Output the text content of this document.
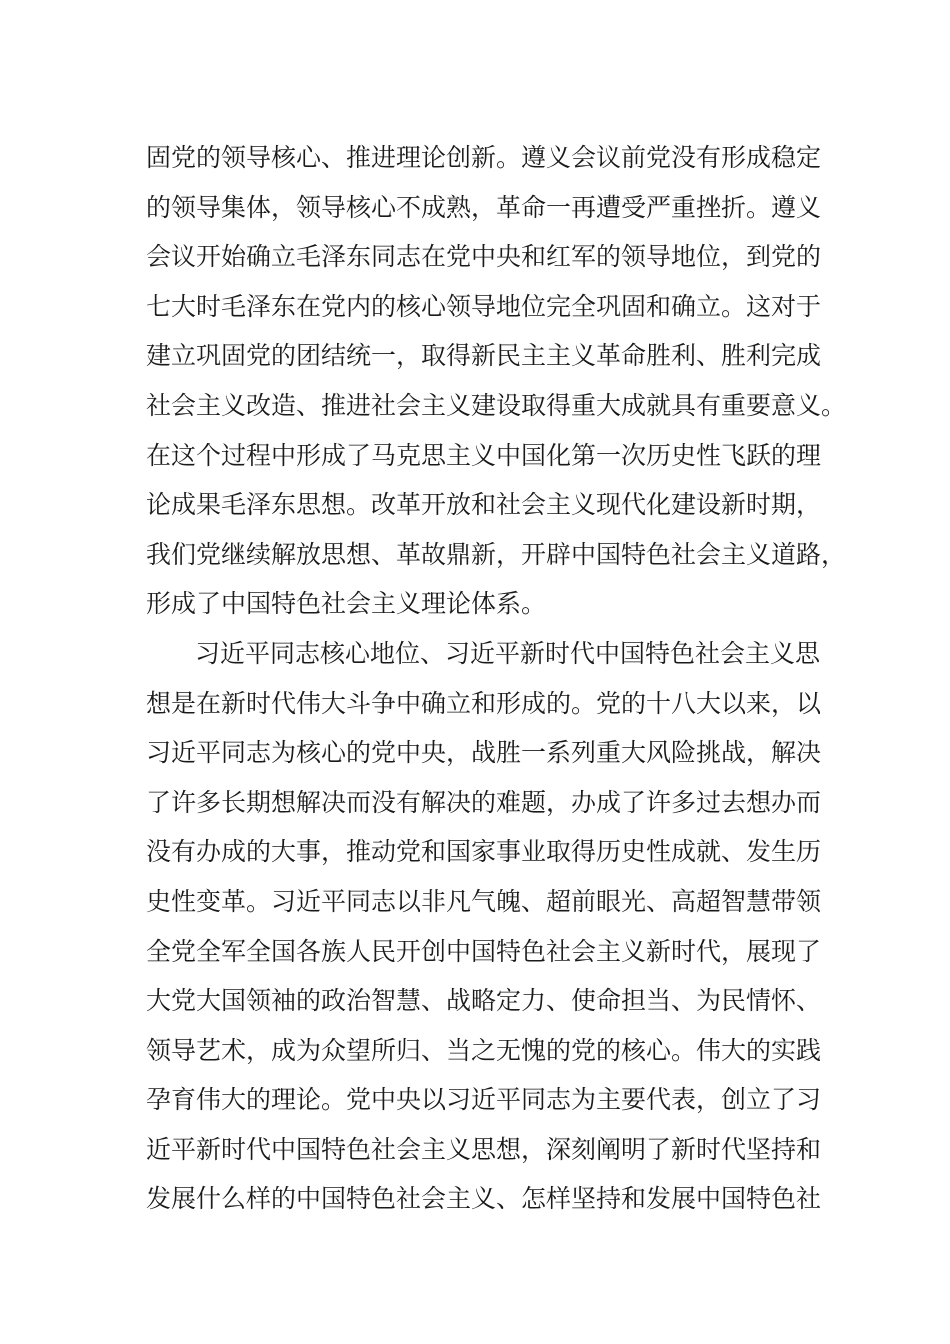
固党的领导核心、推进理论创新。遵义会议前党没有形成稳定
的领导集体，领导核心不成熟，革命一再遭受严重挫折。遵义
会议开始确立毛泽东同志在党中央和红军的领导地位，到党的
七大时毛泽东在党内的核心领导地位完全巩固和确立。这对于
建立巩固党的团结统一，取得新民主主义革命胜利、胜利完成
社会主义改造、推进社会主义建设取得重大成就具有重要意义。
在这个过程中形成了马克思主义中国化第一次历史性飞跃的理
论成果毛泽东思想。改革开放和社会主义现代化建设新时期，
我们党继续解放思想、革故鼎新，开辟中国特色社会主义道路，
形成了中国特色社会主义理论体系。
习近平同志核心地位、习近平新时代中国特色社会主义思
想是在新时代伟大斗争中确立和形成的。党的十八大以来，以
习近平同志为核心的党中央，战胜一系列重大风险挑战，解决
了许多长期想解决而没有解决的难题，办成了许多过去想办而
没有办成的大事，推动党和国家事业取得历史性成就、发生历
史性变革。习近平同志以非凡气魄、超前眼光、高超智慧带领
全党全军全国各族人民开创中国特色社会主义新时代，展现了
大党大国领袖的政治智慧、战略定力、使命担当、为民情怀、
领导艺术，成为众望所归、当之无愧的党的核心。伟大的实践
孕育伟大的理论。党中央以习近平同志为主要代表，创立了习
近平新时代中国特色社会主义思想，深刻阐明了新时代坚持和
发展什么样的中国特色社会主义、怎样坚持和发展中国特色社
